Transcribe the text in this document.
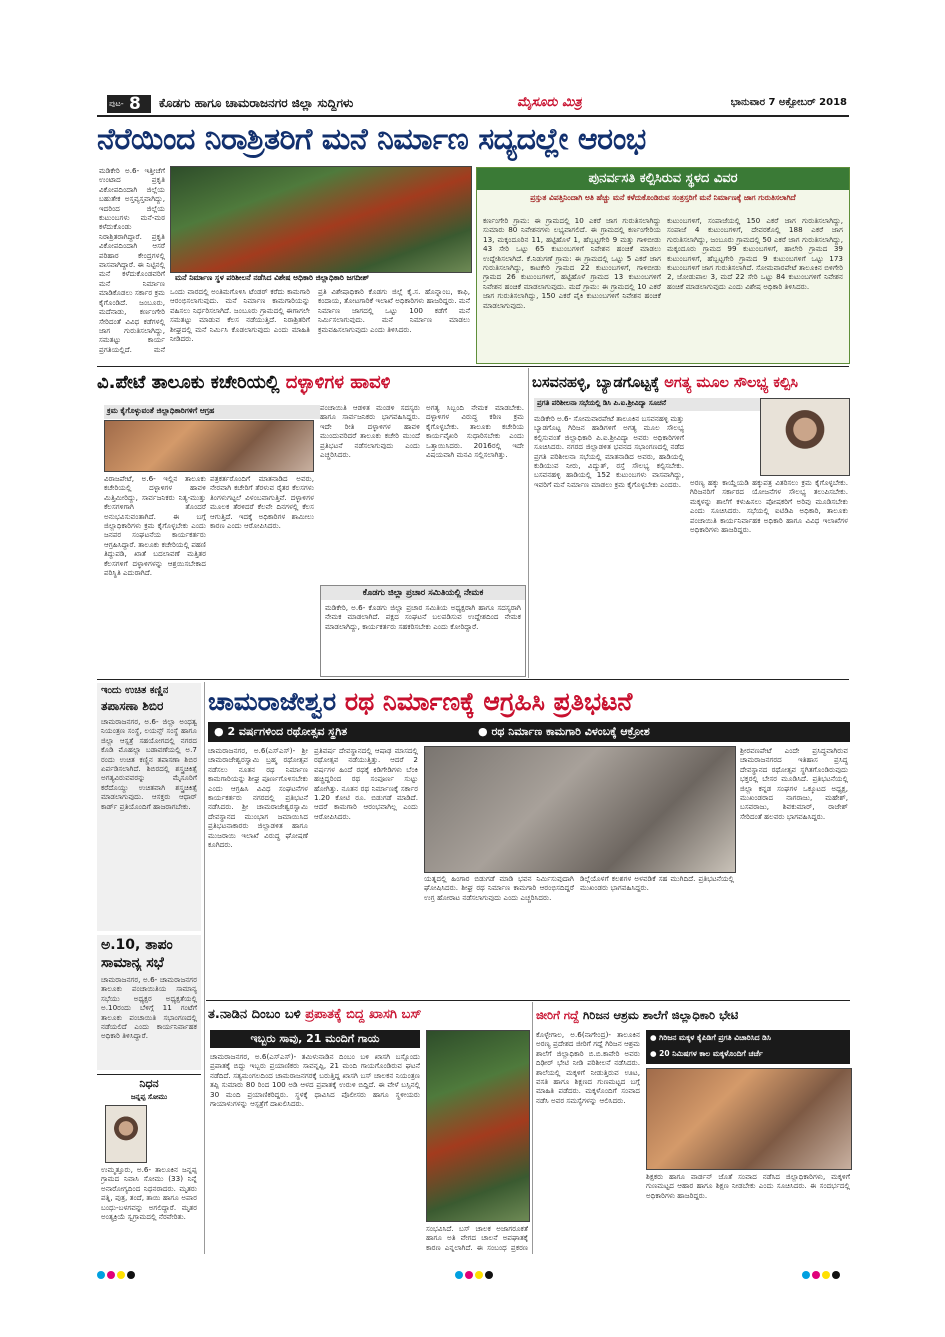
ಪುಟ- 8 ಕೊಡಗು ಹಾಗೂ ಚಾಮರಾಜನಗರ ಜಿಲ್ಲಾ ಸುದ್ದಿಗಳು	ಮೈಸೂರು ಮಿತ್ರ	ಭಾನುವಾರ 7 ಅಕ್ಟೋಬರ್ 2018
ನೆರೆಯಿಂದ ನಿರಾಶ್ರಿತರಿಗೆ ಮನೆ ನಿರ್ಮಾಣ ಸದ್ಯದಲ್ಲೇ ಆರಂಭ
ಮಡಿಕೇರಿ ಅ.6- ಇತ್ತೀಚೆಗೆ ಉಂಟಾದ ಪ್ರಕೃತಿ ವಿಕೋಪದಿಂದಾಗಿ ಜಿಲ್ಲೆಯ ಬಹುತೇಕ ಅಸ್ತವ್ಯಸ್ತವಾಗಿದ್ದು, ಇದರಿಂದ ಜಿಲ್ಲೆಯ ಕುಟುಂಬಗಳು ಮನೆ-ಮಠ ಕಳೆದುಕೊಂಡು ನಿರಾಶ್ರಿತರಾಗಿದ್ದಾರೆ. ಪ್ರಕೃತಿ ವಿಕೋಪದಿಂದಾಗಿ ಆಸರೆ ಪರಿಹಾರ ಕೇಂದ್ರಗಳಲ್ಲಿ ವಾಸವಾಗಿದ್ದಾರೆ. ಈ ನಿಟ್ಟಿನಲ್ಲಿ ಮನೆ ಕಳೆದುಕೊಂಡವರಿಗೆ ಮನೆ ನಿರ್ಮಾಣ ಮಾಡಿಕೊಡಲು ಸರ್ಕಾರ ಕ್ರಮ ಕೈಗೊಂಡಿದೆ. ಜಂಬೂರು, ಮದೆನಾಡು, ಕರ್ಣಂಗೇರಿ ಸೇರಿದಂತೆ ವಿವಿಧ ಕಡೆಗಳಲ್ಲಿ ಜಾಗ ಗುರುತಿಸಲಾಗಿದ್ದು, ಸಮತಟ್ಟು ಕಾರ್ಯ ಪ್ರಗತಿಯಲ್ಲಿದೆ. ಮನೆ
ಮನೆ ನಿರ್ಮಾಣ ಸ್ಥಳ ಪರಿಶೀಲನೆ ನಡೆಸಿದ ವಿಶೇಷ ಅಧಿಕಾರಿ ಜಿಲ್ಲಾಧಿಕಾರಿ ಜಗದೀಶ್
ಒಂದು ವಾರದಲ್ಲಿ ಅಂತಿಮಗೊಳಿಸಿ ಟೆಂಡರ್ ಕರೆದು ಕಾಮಗಾರಿ ಆರಂಭಿಸಲಾಗುವುದು. ಮನೆ ನಿರ್ಮಾಣ ಕಾಮಗಾರಿಯನ್ನು ವಹಿಸಲು ನಿರ್ಧರಿಸಲಾಗಿದೆ. ಜಂಬೂರು ಗ್ರಾಮದಲ್ಲಿ ಈಗಾಗಲೇ ಸಮತಟ್ಟು ಮಾಡುವ ಕೆಲಸ ನಡೆಯುತ್ತಿದೆ. ನಿರಾಶ್ರಿತರಿಗೆ ಶೀಘ್ರದಲ್ಲಿ ಮನೆ ನಿರ್ಮಿಸಿ ಕೊಡಲಾಗುವುದು ಎಂದು ಮಾಹಿತಿ ನೀಡಿದರು.
ಪ್ರತಿ ವಿಶೇಷಾಧಿಕಾರಿ ಕೊಡಗು ಜಿಲ್ಲೆ ಕೈ.ಸ. ಹೊನ್ನಾಂಬ, ಕಾಫಿ, ಕಂದಾಯ, ತೋಟಗಾರಿಕೆ ಇಲಾಖೆ ಅಧಿಕಾರಿಗಳು ಹಾಜರಿದ್ದರು. ಮನೆ ನಿರ್ಮಾಣ ಜಾಗದಲ್ಲಿ ಒಟ್ಟು 100 ಕಡೆಗೆ ಮನೆ ನಿರ್ಮಿಸಲಾಗುವುದು. ಮನೆ ನಿರ್ಮಾಣ ಮಾಡಲು ಕ್ರಮವಹಿಸಲಾಗುವುದು ಎಂದು ತಿಳಿಸಿದರು.
ಪುನರ್ವಸತಿ ಕಲ್ಪಿಸಿರುವ ಸ್ಥಳದ ವಿವರ
ಪ್ರಸ್ತುತ ವಿಪತ್ತಿನಿಂದಾಗಿ ಅತಿ ಹೆಚ್ಚು ಮನೆ ಕಳೆದುಕೊಂಡಿರುವ ಸಂತ್ರಸ್ತರಿಗೆ ಮನೆ ನಿರ್ಮಾಣಕ್ಕೆ ಜಾಗ ಗುರುತಿಸಲಾಗಿದೆ
ಕರ್ಣಂಗೇರಿ ಗ್ರಾಮ: ಈ ಗ್ರಾಮದಲ್ಲಿ 10 ಎಕರೆ ಜಾಗ ಗುರುತಿಸಲಾಗಿದ್ದು ಸುಮಾರು 80 ನಿವೇಶನಗಳು ಲಭ್ಯವಾಗಲಿದೆ. ಈ ಗ್ರಾಮದಲ್ಲಿ ಕರ್ಣಂಗೇರಿಯ 13, ಮಕ್ಕಂದೂರಿನ 11, ಹಟ್ಟಿಹೊಳೆ 1, ಹೆಬ್ಬಟ್ಟಗೇರಿ 9 ಮತ್ತು ಗಾಳಿಬೀಡು 43 ಸೇರಿ ಒಟ್ಟು 65 ಕುಟುಂಬಗಳಿಗೆ ನಿವೇಶನ ಹಂಚಿಕೆ ಮಾಡಲು ಉದ್ದೇಶಿಸಲಾಗಿದೆ. ಕೆ.ನಿಡುಗಣೆ ಗ್ರಾಮ: ಈ ಗ್ರಾಮದಲ್ಲಿ ಒಟ್ಟು 5 ಎಕರೆ ಜಾಗ ಗುರುತಿಸಲಾಗಿದ್ದು, ಕಾಟಕೇರಿ ಗ್ರಾಮದ 22 ಕುಟುಂಬಗಳಿಗೆ, ಗಾಳಿಬೀಡು ಗ್ರಾಮದ 26 ಕುಟುಂಬಗಳಿಗೆ, ಹಟ್ಟಿಹೊಳೆ ಗ್ರಾಮದ 13 ಕುಟುಂಬಗಳಿಗೆ ನಿವೇಶನ ಹಂಚಿಕೆ ಮಾಡಲಾಗುವುದು. ಮದೆ ಗ್ರಾಮ: ಈ ಗ್ರಾಮದಲ್ಲಿ 10 ಎಕರೆ ಜಾಗ ಗುರುತಿಸಲಾಗಿದ್ದು, 150 ಎಕರೆ ಪೈಕಿ ಕುಟುಂಬಗಳಿಗೆ ನಿವೇಶನ ಹಂಚಿಕೆ ಮಾಡಲಾಗುವುದು.
ಕುಟುಂಬಗಳಿಗೆ, ಸಂಪಾಜೆಯಲ್ಲಿ 150 ಎಕರೆ ಜಾಗ ಗುರುತಿಸಲಾಗಿದ್ದು, ಸಂಪಾಜೆ 4 ಕುಟುಂಬಗಳಿಗೆ, ದೇವರಕೊಲ್ಲಿ 188 ಎಕರೆ ಜಾಗ ಗುರುತಿಸಲಾಗಿದ್ದು, ಜಂಬೂರು ಗ್ರಾಮದಲ್ಲಿ 50 ಎಕರೆ ಜಾಗ ಗುರುತಿಸಲಾಗಿದ್ದು, ಮಕ್ಕಂದೂರು ಗ್ರಾಮದ 99 ಕುಟುಂಬಗಳಿಗೆ, ಹಾಲೇರಿ ಗ್ರಾಮದ 39 ಕುಟುಂಬಗಳಿಗೆ, ಹೆಬ್ಬಟ್ಟಗೇರಿ ಗ್ರಾಮದ 9 ಕುಟುಂಬಗಳಿಗೆ ಒಟ್ಟು 173 ಕುಟುಂಬಗಳಿಗೆ ಜಾಗ ಗುರುತಿಸಲಾಗಿದೆ. ಸೋಮವಾರಪೇಟೆ ತಾಲೂಕಿನ ಬಿಳಿಗೇರಿ 2, ಜೋಡುಪಾಲ 3, ಮದೆ 22 ಸೇರಿ ಒಟ್ಟು 84 ಕುಟುಂಬಗಳಿಗೆ ನಿವೇಶನ ಹಂಚಿಕೆ ಮಾಡಲಾಗುವುದು ಎಂದು ವಿಶೇಷ ಅಧಿಕಾರಿ ತಿಳಿಸಿದರು.
ವಿ.ಪೇಟೆ ತಾಲೂಕು ಕಚೇರಿಯಲ್ಲಿ ದಳ್ಳಾಳಿಗಳ ಹಾವಳಿ
ಕ್ರಮ ಕೈಗೊಳ್ಳುವಂತೆ ಜಿಲ್ಲಾಧಿಕಾರಿಗಳಿಗೆ ಆಗ್ರಹ
ವಿರಾಜಪೇಟೆ, ಅ.6- ಇಲ್ಲಿನ ತಾಲೂಕು ಕಚೇರಿಯಲ್ಲಿ ದಳ್ಳಾಳಿಗಳ ಹಾವಳಿ ಮಿತ್ತಿಮೀರಿದ್ದು, ಸಾರ್ವಜನಿಕರು ನಿತ್ಯ-ಮುತ್ತು ಕೆಲಸಗಳಿಗಾಗಿ ತೊಂದರೆ ಅನುಭವಿಸುವಂತಾಗಿದೆ. ಈ ಬಗ್ಗೆ ಜಿಲ್ಲಾಧಿಕಾರಿಗಳು ಕ್ರಮ ಕೈಗೊಳ್ಳಬೇಕು ಎಂದು ಜನಪರ ಸಂಘಟನೆಯ ಕಾರ್ಯಕರ್ತರು ಆಗ್ರಹಿಸಿದ್ದಾರೆ. ತಾಲೂಕು ಕಚೇರಿಯಲ್ಲಿ ಪಹಣಿ ತಿದ್ದುಪಡಿ, ಖಾತೆ ಬದಲಾವಣೆ ಮತ್ತಿತರ ಕೆಲಸಗಳಿಗೆ ದಳ್ಳಾಳಿಗಳನ್ನು ಆಶ್ರಯಿಸಬೇಕಾದ ಪರಿಸ್ಥಿತಿ ಎದುರಾಗಿದೆ.
ಪತ್ರಕರ್ತರೊಂದಿಗೆ ಮಾತನಾಡಿದ ಅವರು, ನೇರವಾಗಿ ಕಚೇರಿಗೆ ತೆರಳುವ ರೈತರ ಕೆಲಸಗಳು ತಿಂಗಳುಗಟ್ಟಲೆ ವಿಳಂಬವಾಗುತ್ತಿವೆ. ದಳ್ಳಾಳಿಗಳ ಮೂಲಕ ತೆರಳಿದರೆ ಕೆಲವೇ ದಿನಗಳಲ್ಲಿ ಕೆಲಸ ಆಗುತ್ತಿದೆ. ಇದಕ್ಕೆ ಅಧಿಕಾರಿಗಳ ಶಾಮೀಲು ಕಾರಣ ಎಂದು ಆರೋಪಿಸಿದರು.
ಪಂಚಾಯಿತಿ ಆಡಳಿತ ಮಂಡಳಿ ಸದಸ್ಯರು ಹಾಗೂ ಸಾರ್ವಜನಿಕರು ಭಾಗವಹಿಸಿದ್ದರು. ಇದೇ ರೀತಿ ದಳ್ಳಾಳಿಗಳ ಹಾವಳಿ ಮುಂದುವರಿದರೆ ತಾಲೂಕು ಕಚೇರಿ ಮುಂದೆ ಪ್ರತಿಭಟನೆ ನಡೆಸಲಾಗುವುದು ಎಂದು ಎಚ್ಚರಿಸಿದರು.
ಅಗತ್ಯ ಸಿಬ್ಬಂದಿ ನೇಮಕ ಮಾಡಬೇಕು. ದಳ್ಳಾಳಿಗಳ ವಿರುದ್ಧ ಕಠಿಣ ಕ್ರಮ ಕೈಗೊಳ್ಳಬೇಕು. ತಾಲೂಕು ಕಚೇರಿಯ ಕಾರ್ಯವೈಖರಿ ಸುಧಾರಿಸಬೇಕು ಎಂದು ಒತ್ತಾಯಿಸಿದರು. 2016ರಲ್ಲಿ ಇದೇ ವಿಷಯವಾಗಿ ಮನವಿ ಸಲ್ಲಿಸಲಾಗಿತ್ತು.
ಕೊಡಗು ಜಿಲ್ಲಾ ಪ್ರಚಾರ ಸಮಿತಿಯಲ್ಲಿ ನೇಮಕ
ಮಡಿಕೇರಿ, ಅ.6- ಕೊಡಗು ಜಿಲ್ಲಾ ಪ್ರಚಾರ ಸಮಿತಿಯ ಅಧ್ಯಕ್ಷರಾಗಿ ಹಾಗೂ ಸದಸ್ಯರಾಗಿ ನೇಮಕ ಮಾಡಲಾಗಿದೆ. ಪಕ್ಷದ ಸಂಘಟನೆ ಬಲಪಡಿಸುವ ಉದ್ದೇಶದಿಂದ ನೇಮಕ ಮಾಡಲಾಗಿದ್ದು, ಕಾರ್ಯಕರ್ತರು ಸಹಕರಿಸಬೇಕು ಎಂದು ಕೋರಿದ್ದಾರೆ.
ಬಸವನಹಳ್ಳಿ, ಬ್ಯಾಡಗೊಟ್ಟಕ್ಕೆ ಅಗತ್ಯ ಮೂಲ ಸೌಲಭ್ಯ ಕಲ್ಪಿಸಿ
ಪ್ರಗತಿ ಪರಿಶೀಲನಾ ಸಭೆಯಲ್ಲಿ ಡಿಸಿ ಪಿ.ಐ.ಶ್ರೀವಿದ್ಯಾ ಸೂಚನೆ
ಮಡಿಕೇರಿ ಅ.6- ಸೋಮವಾರಪೇಟೆ ತಾಲೂಕಿನ ಬಸವನಹಳ್ಳಿ ಮತ್ತು ಬ್ಯಾಡಗೊಟ್ಟ ಗಿರಿಜನ ಹಾಡಿಗಳಿಗೆ ಅಗತ್ಯ ಮೂಲ ಸೌಲಭ್ಯ ಕಲ್ಪಿಸುವಂತೆ ಜಿಲ್ಲಾಧಿಕಾರಿ ಪಿ.ಐ.ಶ್ರೀವಿದ್ಯಾ ಅವರು ಅಧಿಕಾರಿಗಳಿಗೆ ಸೂಚಿಸಿದರು. ನಗರದ ಜಿಲ್ಲಾಡಳಿತ ಭವನದ ಸಭಾಂಗಣದಲ್ಲಿ ನಡೆದ ಪ್ರಗತಿ ಪರಿಶೀಲನಾ ಸಭೆಯಲ್ಲಿ ಮಾತನಾಡಿದ ಅವರು, ಹಾಡಿಯಲ್ಲಿ ಕುಡಿಯುವ ನೀರು, ವಿದ್ಯುತ್, ರಸ್ತೆ ಸೌಲಭ್ಯ ಕಲ್ಪಿಸಬೇಕು. ಬಸವನಹಳ್ಳಿ ಹಾಡಿಯಲ್ಲಿ 152 ಕುಟುಂಬಗಳು ವಾಸವಾಗಿದ್ದು, ಇವರಿಗೆ ಮನೆ ನಿರ್ಮಾಣ ಮಾಡಲು ಕ್ರಮ ಕೈಗೊಳ್ಳಬೇಕು ಎಂದರು.	ಅರಣ್ಯ ಹಕ್ಕು ಕಾಯ್ದೆಯಡಿ ಹಕ್ಕುಪತ್ರ ವಿತರಿಸಲು ಕ್ರಮ ಕೈಗೊಳ್ಳಬೇಕು. ಗಿರಿಜನರಿಗೆ ಸರ್ಕಾರದ ಯೋಜನೆಗಳ ಸೌಲಭ್ಯ ತಲುಪಿಸಬೇಕು. ಮಕ್ಕಳನ್ನು ಶಾಲೆಗೆ ಕಳುಹಿಸಲು ಪೋಷಕರಿಗೆ ಅರಿವು ಮೂಡಿಸಬೇಕು ಎಂದು ಸೂಚಿಸಿದರು. ಸಭೆಯಲ್ಲಿ ಐಟಿಡಿಪಿ ಅಧಿಕಾರಿ, ತಾಲೂಕು ಪಂಚಾಯಿತಿ ಕಾರ್ಯನಿರ್ವಾಹಕ ಅಧಿಕಾರಿ ಹಾಗೂ ವಿವಿಧ ಇಲಾಖೆಗಳ ಅಧಿಕಾರಿಗಳು ಹಾಜರಿದ್ದರು.
ಇಂದು ಉಚಿತ ಕಣ್ಣಿನ
ತಪಾಸಣಾ ಶಿಬಿರ
ಚಾಮರಾಜನಗರ, ಅ.6- ಜಿಲ್ಲಾ ಅಂಧತ್ವ ನಿಯಂತ್ರಣ ಸಂಸ್ಥೆ, ಲಯನ್ಸ್ ಸಂಸ್ಥೆ ಹಾಗೂ ಜಿಲ್ಲಾ ಆಸ್ಪತ್ರೆ ಸಹಯೋಗದಲ್ಲಿ ನಗರದ ಕೊಡಿ ಮೊಹಲ್ಲಾ ಬಡಾವಣೆಯಲ್ಲಿ ಅ.7 ರಂದು ಉಚಿತ ಕಣ್ಣಿನ ತಪಾಸಣಾ ಶಿಬಿರ ಏರ್ಪಡಿಸಲಾಗಿದೆ. ಶಿಬಿರದಲ್ಲಿ ಶಸ್ತ್ರಚಿಕಿತ್ಸೆ ಅಗತ್ಯವಿರುವವರನ್ನು ಮೈಸೂರಿಗೆ ಕರೆದೊಯ್ದು ಉಚಿತವಾಗಿ ಶಸ್ತ್ರಚಿಕಿತ್ಸೆ ಮಾಡಲಾಗುವುದು. ಆಸಕ್ತರು ಆಧಾರ್ ಕಾರ್ಡ್ ಪ್ರತಿಯೊಂದಿಗೆ ಹಾಜರಾಗಬೇಕು.
ಅ.10, ತಾಪಂ
ಸಾಮಾನ್ಯ ಸಭೆ
ಚಾಮರಾಜನಗರ, ಅ.6- ಚಾಮರಾಜನಗರ ತಾಲೂಕು ಪಂಚಾಯಿತಿಯ ಸಾಮಾನ್ಯ ಸಭೆಯು ಅಧ್ಯಕ್ಷರ ಅಧ್ಯಕ್ಷತೆಯಲ್ಲಿ ಅ.10ರಂದು ಬೆಳಿಗ್ಗೆ 11 ಗಂಟೆಗೆ ತಾಲೂಕು ಪಂಚಾಯಿತಿ ಸಭಾಂಗಣದಲ್ಲಿ ನಡೆಯಲಿದೆ ಎಂದು ಕಾರ್ಯನಿರ್ವಾಹಕ ಅಧಿಕಾರಿ ತಿಳಿಸಿದ್ದಾರೆ.
ನಿಧನ
ಜನ್ನಪ್ಪ ಸೋಮು
ಉಮ್ಮತ್ತೂರು, ಅ.6- ತಾಲೂಕಿನ ಜನ್ನಪ್ಪ ಗ್ರಾಮದ ನಿವಾಸಿ ಸೋಮು (33) ನಿನ್ನೆ ಅನಾರೋಗ್ಯದಿಂದ ನಿಧನರಾದರು. ಮೃತರು ಪತ್ನಿ, ಪುತ್ರ, ತಂದೆ, ತಾಯಿ ಹಾಗೂ ಅಪಾರ ಬಂಧು-ಬಳಗವನ್ನು ಅಗಲಿದ್ದಾರೆ. ಮೃತರ ಅಂತ್ಯಕ್ರಿಯೆ ಸ್ವಗ್ರಾಮದಲ್ಲಿ ನೆರವೇರಿತು.
ಚಾಮರಾಜೇಶ್ವರ ರಥ ನಿರ್ಮಾಣಕ್ಕೆ ಆಗ್ರಹಿಸಿ ಪ್ರತಿಭಟನೆ
● 2 ವರ್ಷಗಳಿಂದ ರಥೋತ್ಸವ ಸ್ಥಗಿತ	● ರಥ ನಿರ್ಮಾಣ ಕಾಮಗಾರಿ ವಿಳಂಬಕ್ಕೆ ಆಕ್ರೋಶ
ಚಾಮರಾಜನಗರ, ಅ.6(ಎಸ್‌ಎಸ್)- ಶ್ರೀ ಚಾಮರಾಜೇಶ್ವರಸ್ವಾಮಿ ಬ್ರಹ್ಮ ರಥೋತ್ಸವ ನಡೆಸಲು ನೂತನ ರಥ ನಿರ್ಮಾಣ ಕಾಮಗಾರಿಯನ್ನು ಶೀಘ್ರ ಪೂರ್ಣಗೊಳಿಸಬೇಕು ಎಂದು ಆಗ್ರಹಿಸಿ ವಿವಿಧ ಸಂಘಟನೆಗಳ ಕಾರ್ಯಕರ್ತರು ನಗರದಲ್ಲಿ ಪ್ರತಿಭಟನೆ ನಡೆಸಿದರು. ಶ್ರೀ ಚಾಮರಾಜೇಶ್ವರಸ್ವಾಮಿ ದೇವಸ್ಥಾನದ ಮುಂಭಾಗ ಜಮಾಯಿಸಿದ ಪ್ರತಿಭಟನಾಕಾರರು ಜಿಲ್ಲಾಡಳಿತ ಹಾಗೂ ಮುಜರಾಯಿ ಇಲಾಖೆ ವಿರುದ್ಧ ಘೋಷಣೆ ಕೂಗಿದರು.
ಪ್ರತಿವರ್ಷ ದೇವಸ್ಥಾನದಲ್ಲಿ ಆಷಾಢ ಮಾಸದಲ್ಲಿ ರಥೋತ್ಸವ ನಡೆಯುತ್ತಿತ್ತು. ಆದರೆ 2 ವರ್ಷಗಳ ಹಿಂದೆ ರಥಕ್ಕೆ ಕಿಡಿಗೇಡಿಗಳು ಬೆಂಕಿ ಹಚ್ಚಿದ್ದರಿಂದ ರಥ ಸಂಪೂರ್ಣ ಸುಟ್ಟು ಹೋಗಿತ್ತು. ನೂತನ ರಥ ನಿರ್ಮಾಣಕ್ಕೆ ಸರ್ಕಾರ 1.20 ಕೋಟಿ ರೂ. ಬಿಡುಗಡೆ ಮಾಡಿದೆ. ಆದರೆ ಕಾಮಗಾರಿ ಆರಂಭವಾಗಿಲ್ಲ ಎಂದು ಆರೋಪಿಸಿದರು.
ಯತ್ನದಲ್ಲಿ ಹಿಂಗಾರ ಬಿಡುಗಡೆ ಮಾಡಿ ಭವನ ನಿರ್ಮಿಸುವುದಾಗಿ ಘೋಷಿಸಿದರು. ಶೀಘ್ರ ರಥ ನಿರ್ಮಾಣ ಕಾಮಗಾರಿ ಆರಂಭಿಸದಿದ್ದರೆ ಉಗ್ರ ಹೋರಾಟ ನಡೆಸಲಾಗುವುದು ಎಂದು ಎಚ್ಚರಿಸಿದರು.
ಡಿಲ್ಲೆಯೊಳಗೆ ಕಲಶಗಳ ಅಳವಡಿಕೆ ಸಹ ಮುಗಿದಿದೆ. ಪ್ರತಿಭಟನೆಯಲ್ಲಿ ಮುಖಂಡರು ಭಾಗವಹಿಸಿದ್ದರು.
ಶ್ರೀರವಣಪೇಟೆ ಎಂದೇ ಪ್ರಸಿದ್ಧವಾಗಿರುವ ಚಾಮರಾಜನಗರದ ಇತಿಹಾಸ ಪ್ರಸಿದ್ಧ ದೇವಸ್ಥಾನದ ರಥೋತ್ಸವ ಸ್ಥಗಿತಗೊಂಡಿರುವುದು ಭಕ್ತರಲ್ಲಿ ಬೇಸರ ಮೂಡಿಸಿದೆ. ಪ್ರತಿಭಟನೆಯಲ್ಲಿ ಜಿಲ್ಲಾ ಕನ್ನಡ ಸಂಘಗಳ ಒಕ್ಕೂಟದ ಅಧ್ಯಕ್ಷ, ಮುಖಂಡರಾದ ನಾಗರಾಜು, ಮಹೇಶ್, ಬಸವರಾಜು, ಶಿವಕುಮಾರ್, ರಾಜೇಶ್ ಸೇರಿದಂತೆ ಹಲವರು ಭಾಗವಹಿಸಿದ್ದರು.
ತ.ನಾಡಿನ ದಿಂಬಂ ಬಳಿ ಪ್ರಪಾತಕ್ಕೆ ಬಿದ್ದ ಖಾಸಗಿ ಬಸ್
ಇಬ್ಬರು ಸಾವು, 21 ಮಂದಿಗೆ ಗಾಯ
ಚಾಮರಾಜನಗರ, ಅ.6(ಎಸ್‌ಎಸ್)- ತಮಿಳುನಾಡಿನ ದಿಂಬಂ ಬಳಿ ಖಾಸಗಿ ಬಸ್ಸೊಂದು ಪ್ರಪಾತಕ್ಕೆ ಬಿದ್ದು ಇಬ್ಬರು ಪ್ರಯಾಣಿಕರು ಸಾವನ್ನಪ್ಪಿ, 21 ಮಂದಿ ಗಾಯಗೊಂಡಿರುವ ಘಟನೆ ನಡೆದಿದೆ. ಸತ್ಯಮಂಗಲದಿಂದ ಚಾಮರಾಜನಗರಕ್ಕೆ ಬರುತ್ತಿದ್ದ ಖಾಸಗಿ ಬಸ್ ಚಾಲಕನ ನಿಯಂತ್ರಣ ತಪ್ಪಿ ಸುಮಾರು 80 ರಿಂದ 100 ಅಡಿ ಆಳದ ಪ್ರಪಾತಕ್ಕೆ ಉರುಳಿ ಬಿದ್ದಿದೆ. ಈ ವೇಳೆ ಬಸ್ಸಿನಲ್ಲಿ 30 ಮಂದಿ ಪ್ರಯಾಣಿಕರಿದ್ದರು. ಸ್ಥಳಕ್ಕೆ ಧಾವಿಸಿದ ಪೊಲೀಸರು ಹಾಗೂ ಸ್ಥಳೀಯರು ಗಾಯಾಳುಗಳನ್ನು ಆಸ್ಪತ್ರೆಗೆ ದಾಖಲಿಸಿದರು.
ಸಂಭವಿಸಿದೆ. ಬಸ್ ಚಾಲಕ ಅಜಾಗರೂಕತೆ ಹಾಗೂ ಅತಿ ವೇಗದ ಚಾಲನೆ ಅಪಘಾತಕ್ಕೆ ಕಾರಣ ಎನ್ನಲಾಗಿದೆ. ಈ ಸಂಬಂಧ ಪ್ರಕರಣ
ಜೀರಿಗೆ ಗದ್ದೆ ಗಿರಿಜನ ಆಶ್ರಮ ಶಾಲೆಗೆ ಜಿಲ್ಲಾಧಿಕಾರಿ ಭೇಟಿ
ಕೊಳ್ಳೇಗಾಲ, ಅ.6(ನಾಗೇಂದ್ರ)- ತಾಲೂಕಿನ ಅರಣ್ಯ ಪ್ರದೇಶದ ಜೀರಿಗೆ ಗದ್ದೆ ಗಿರಿಜನ ಆಶ್ರಮ ಶಾಲೆಗೆ ಜಿಲ್ಲಾಧಿಕಾರಿ ಬಿ.ಬಿ.ಕಾವೇರಿ ಅವರು ದಿಢೀರ್ ಭೇಟಿ ನೀಡಿ ಪರಿಶೀಲನೆ ನಡೆಸಿದರು. ಶಾಲೆಯಲ್ಲಿ ಮಕ್ಕಳಿಗೆ ನೀಡುತ್ತಿರುವ ಊಟ, ವಸತಿ ಹಾಗೂ ಶಿಕ್ಷಣದ ಗುಣಮಟ್ಟದ ಬಗ್ಗೆ ಮಾಹಿತಿ ಪಡೆದರು. ಮಕ್ಕಳೊಂದಿಗೆ ಸಂವಾದ ನಡೆಸಿ ಅವರ ಸಮಸ್ಯೆಗಳನ್ನು ಆಲಿಸಿದರು.
● ಗಿರಿಜನ ಮಕ್ಕಳ ಕೈಪಿಡಿಗೆ ಪ್ರಗತಿ ವಿಚಾರಿಸಿದ ಡಿಸಿ
● 20 ನಿಮಿಷಗಳ ಕಾಲ ಮಕ್ಕಳೊಂದಿಗೆ ಚರ್ಚೆ
ಶಿಕ್ಷಕರು ಹಾಗೂ ವಾರ್ಡನ್ ಜೊತೆ ಸಂವಾದ ನಡೆಸಿದ ಜಿಲ್ಲಾಧಿಕಾರಿಗಳು, ಮಕ್ಕಳಿಗೆ ಗುಣಮಟ್ಟದ ಆಹಾರ ಹಾಗೂ ಶಿಕ್ಷಣ ನೀಡಬೇಕು ಎಂದು ಸೂಚಿಸಿದರು. ಈ ಸಂದರ್ಭದಲ್ಲಿ ಅಧಿಕಾರಿಗಳು ಹಾಜರಿದ್ದರು.
